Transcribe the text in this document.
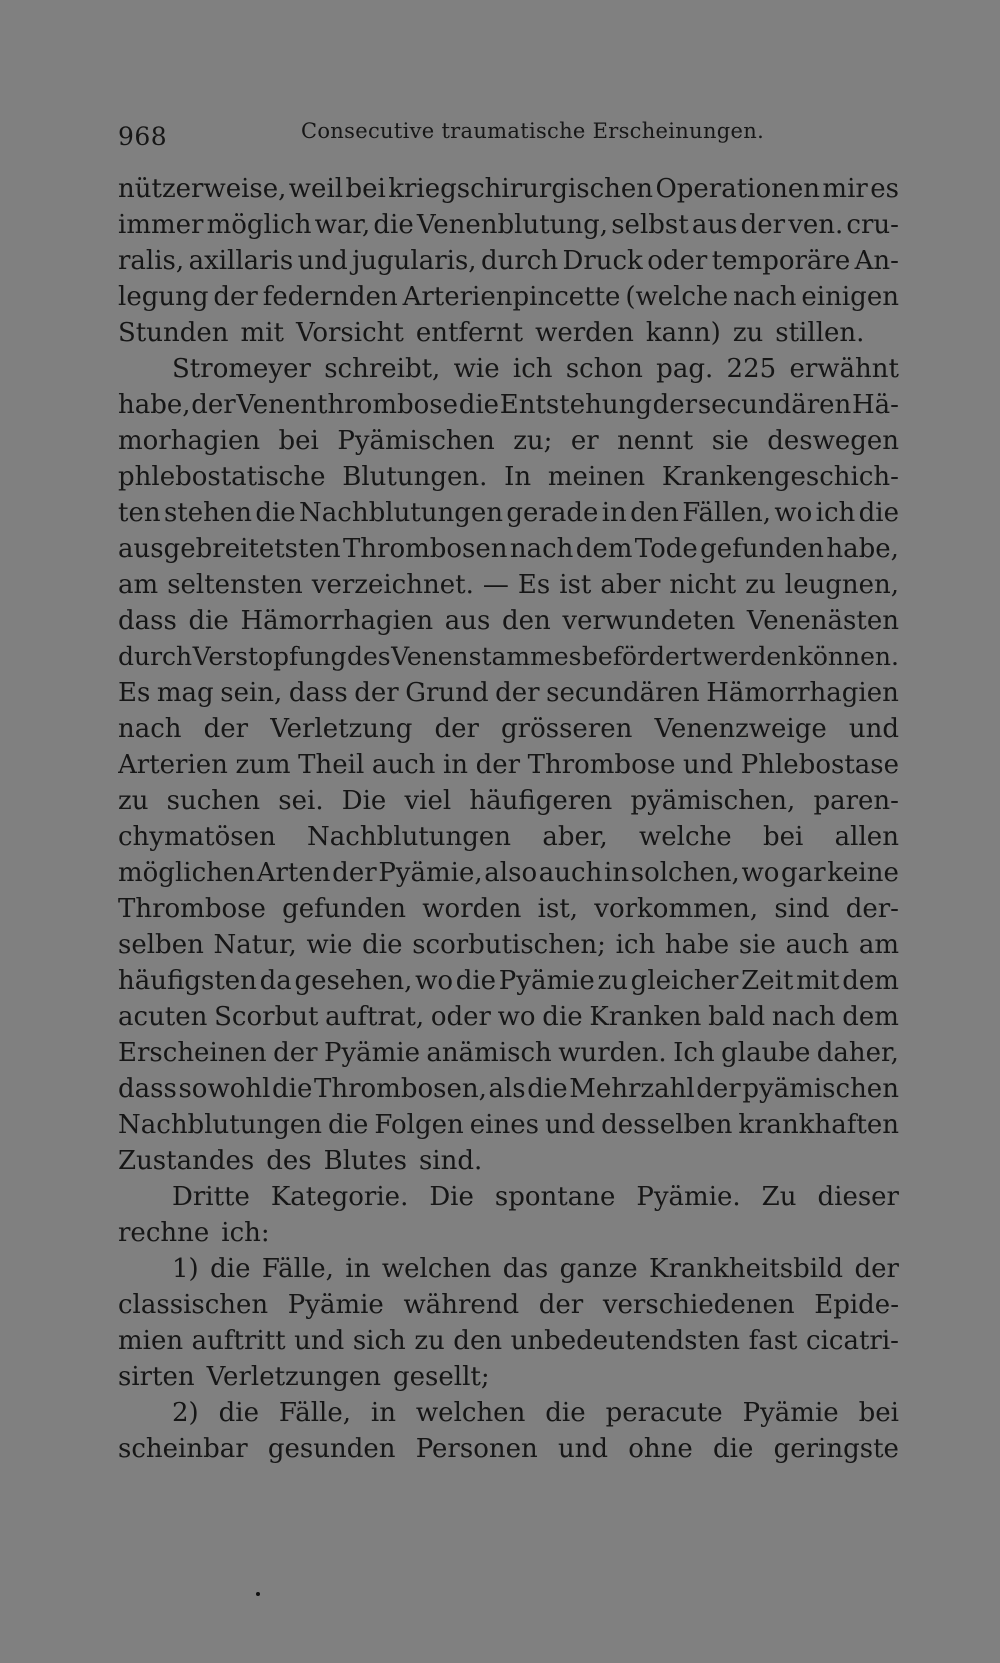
968	Consecutive traumatische Erscheinungen.
nützerweise, weil bei kriegschirurgischen Operationen mir es
immer möglich war, die Venenblutung, selbst aus der ven. cru-
ralis, axillaris und jugularis, durch Druck oder temporäre An-
legung der federnden Arterienpincette (welche nach einigen
Stunden mit Vorsicht entfernt werden kann) zu stillen.
Stromeyer schreibt, wie ich schon pag. 225 erwähnt
habe, der Venenthrombose die Entstehung der secundären Hä-
morhagien bei Pyämischen zu; er nennt sie deswegen
phlebostatische Blutungen. In meinen Krankengeschich-
ten stehen die Nachblutungen gerade in den Fällen, wo ich die
ausgebreitetsten Thrombosen nach dem Tode gefunden habe,
am seltensten verzeichnet. — Es ist aber nicht zu leugnen,
dass die Hämorrhagien aus den verwundeten Venenästen
durch Verstopfung des Venenstammes befördert werden können.
Es mag sein, dass der Grund der secundären Hämorrhagien
nach der Verletzung der grösseren Venenzweige und
Arterien zum Theil auch in der Thrombose und Phlebostase
zu suchen sei. Die viel häufigeren pyämischen, paren-
chymatösen Nachblutungen aber, welche bei allen
möglichen Arten der Pyämie, also auch in solchen, wo gar keine
Thrombose gefunden worden ist, vorkommen, sind der-
selben Natur, wie die scorbutischen; ich habe sie auch am
häufigsten da gesehen, wo die Pyämie zu gleicher Zeit mit dem
acuten Scorbut auftrat, oder wo die Kranken bald nach dem
Erscheinen der Pyämie anämisch wurden. Ich glaube daher,
dass sowohl die Thrombosen, als die Mehrzahl der pyämischen
Nachblutungen die Folgen eines und desselben krankhaften
Zustandes des Blutes sind.
Dritte Kategorie. Die spontane Pyämie. Zu dieser
rechne ich:
1) die Fälle, in welchen das ganze Krankheitsbild der
classischen Pyämie während der verschiedenen Epide-
mien auftritt und sich zu den unbedeutendsten fast cicatri-
sirten Verletzungen gesellt;
2) die Fälle, in welchen die peracute Pyämie bei
scheinbar gesunden Personen und ohne die geringste
